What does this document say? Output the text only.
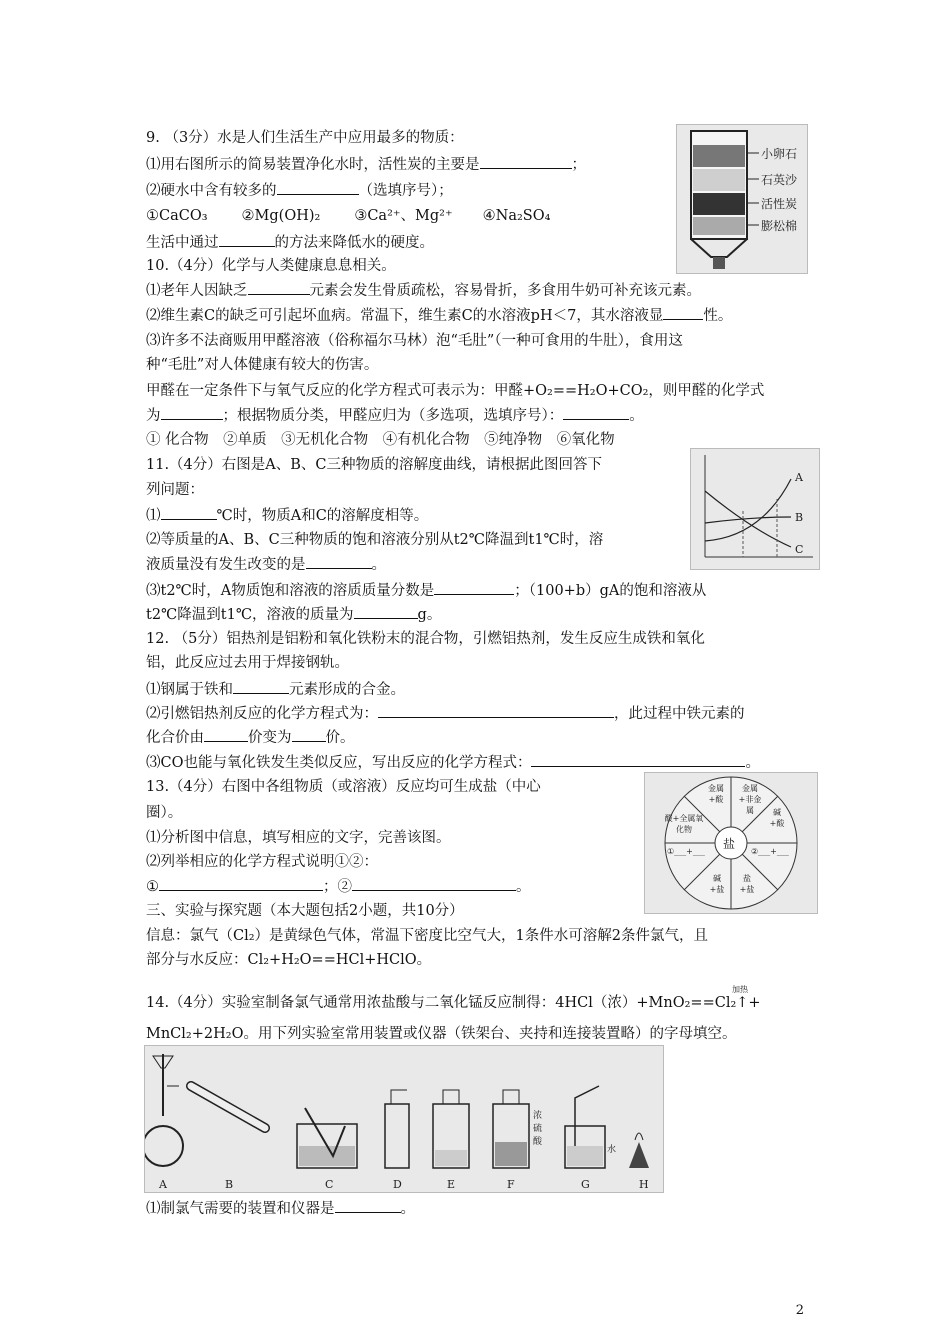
9. （3分）水是人们生活生产中应用最多的物质：
⑴用右图所示的简易装置净化水时，活性炭的主要是	；
⑵硬水中含有较多的	（选填序号）；
①CaCO₃ ②Mg(OH)₂ ③Ca²⁺、Mg²⁺ ④Na₂SO₄
生活中通过	的方法来降低水的硬度。
小卵石
石英沙
活性炭
膨松棉
10.（4分）化学与人类健康息息相关。
⑴老年人因缺乏	元素会发生骨质疏松，容易骨折，多食用牛奶可补充该元素。
⑵维生素C的缺乏可引起坏血病。常温下，维生素C的水溶液pH＜7，其水溶液显	性。
⑶许多不法商贩用甲醛溶液（俗称福尔马林）泡“毛肚”（一种可食用的牛肚），食用这
种“毛肚”对人体健康有较大的伤害。
甲醛在一定条件下与氧气反应的化学方程式可表示为：甲醛+O₂==H₂O+CO₂，则甲醛的化学式
为	；根据物质分类，甲醛应归为（多选项，选填序号）：	。
① 化合物　②单质　③无机化合物　④有机化合物　⑤纯净物　⑥氧化物
11.（4分）右图是A、B、C三种物质的溶解度曲线，请根据此图回答下
列问题：
⑴	℃时，物质A和C的溶解度相等。
⑵等质量的A、B、C三种物质的饱和溶液分别从t2℃降温到t1℃时，溶
液质量没有发生改变的是	。
⑶t2℃时，A物质饱和溶液的溶质质量分数是	；（100+b）gA的饱和溶液从
t2℃降温到t1℃，溶液的质量为	g。
A
B
C
12. （5分）铝热剂是铝粉和氧化铁粉末的混合物，引燃铝热剂，发生反应生成铁和氧化
铝，此反应过去用于焊接钢轨。
⑴钢属于铁和	元素形成的合金。
⑵引燃铝热剂反应的化学方程式为：	，此过程中铁元素的
化合价由	价变为 价。
⑶CO也能与氧化铁发生类似反应，写出反应的化学方程式：	。
13.（4分）右图中各组物质（或溶液）反应均可生成盐（中心
圈）。
⑴分析图中信息，填写相应的文字，完善该图。
⑵列举相应的化学方程式说明①②：
①	；②	。
盐
金属+酸
金属+非金属	碱+酸
酸+全属氧化物
②___+___
①___+___
碱+盐
盐+盐
三、实验与探究题（本大题包括2小题，共10分）
信息：氯气（Cl₂）是黄绿色气体，常温下密度比空气大，1条件水可溶解2条件氯气，且
部分与水反应：Cl₂+H₂O==HCl+HClO。
14.（4分）实验室制备氯气通常用浓盐酸与二氧化锰反应制得：4HCl（浓）+MnO₂==Cl₂↑+
加热
MnCl₂+2H₂O。用下列实验室常用装置或仪器（铁架台、夹持和连接装置略）的字母填空。
A	B	C	D	E	F	G	H
浓硫酸
水
⑴制氯气需要的装置和仪器是	。
2
